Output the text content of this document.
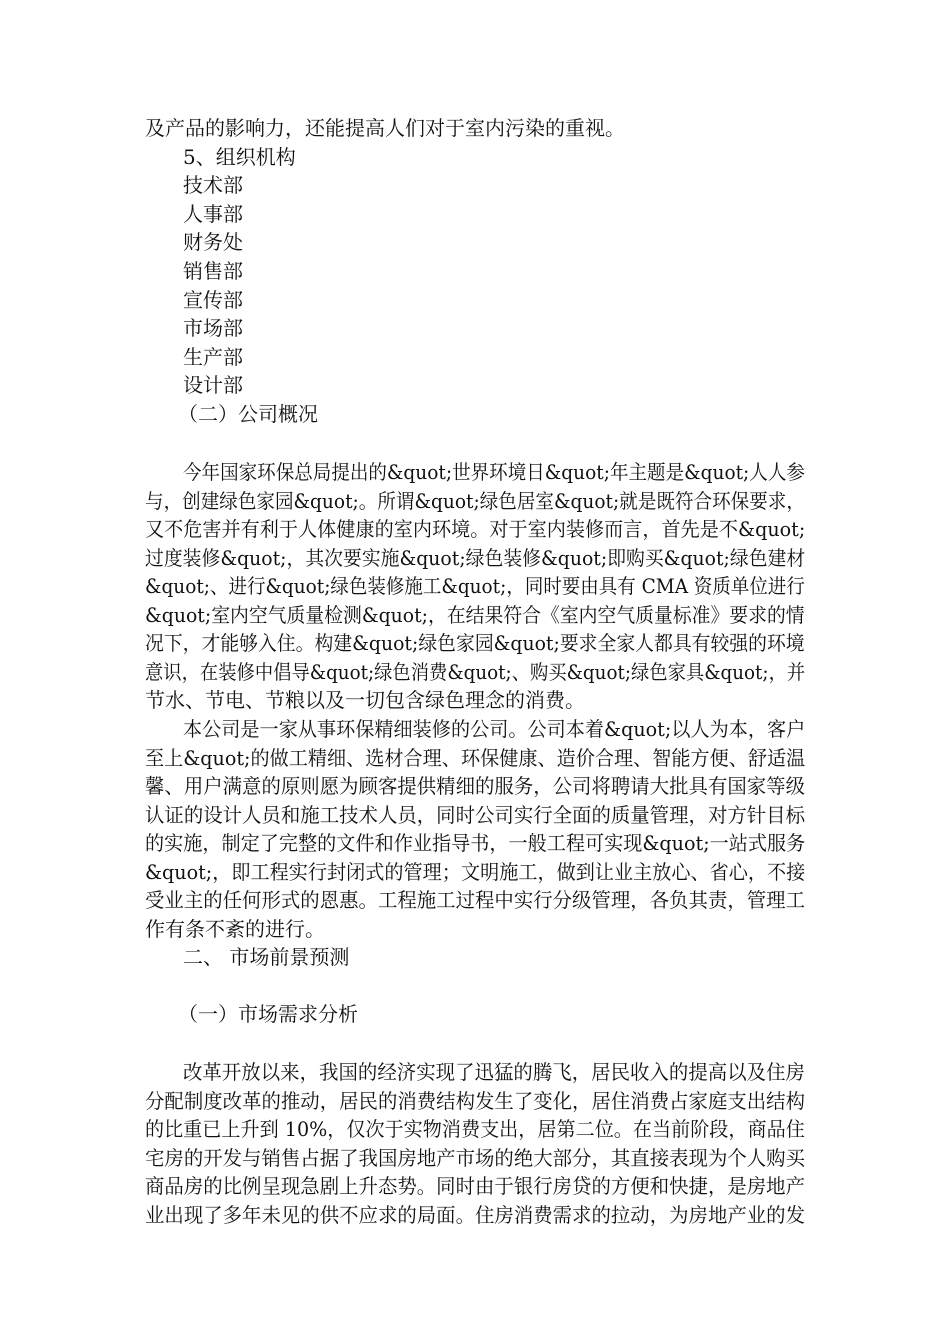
及产品的影响力，还能提高人们对于室内污染的重视。
5、组织机构
技术部
人事部
财务处
销售部
宣传部
市场部
生产部
设计部
（二）公司概况
今年国家环保总局提出的&quot;世界环境日&quot;年主题是&quot;人人参
与，创建绿色家园&quot;。所谓&quot;绿色居室&quot;就是既符合环保要求，
又不危害并有利于人体健康的室内环境。对于室内装修而言，首先是不&quot;
过度装修&quot;，其次要实施&quot;绿色装修&quot;即购买&quot;绿色建材
&quot;、进行&quot;绿色装修施工&quot;，同时要由具有 CMA 资质单位进行
&quot;室内空气质量检测&quot;，在结果符合《室内空气质量标准》要求的情
况下，才能够入住。构建&quot;绿色家园&quot;要求全家人都具有较强的环境
意识，在装修中倡导&quot;绿色消费&quot;、购买&quot;绿色家具&quot;，并
节水、节电、节粮以及一切包含绿色理念的消费。
本公司是一家从事环保精细装修的公司。公司本着&quot;以人为本，客户
至上&quot;的做工精细、选材合理、环保健康、造价合理、智能方便、舒适温
馨、用户满意的原则愿为顾客提供精细的服务，公司将聘请大批具有国家等级
认证的设计人员和施工技术人员，同时公司实行全面的质量管理，对方针目标
的实施，制定了完整的文件和作业指导书，一般工程可实现&quot;一站式服务
&quot;，即工程实行封闭式的管理；文明施工，做到让业主放心、省心，不接
受业主的任何形式的恩惠。工程施工过程中实行分级管理，各负其责，管理工
作有条不紊的进行。
二、 市场前景预测
（一）市场需求分析
改革开放以来，我国的经济实现了迅猛的腾飞，居民收入的提高以及住房
分配制度改革的推动，居民的消费结构发生了变化，居住消费占家庭支出结构
的比重已上升到 10%，仅次于实物消费支出，居第二位。在当前阶段，商品住
宅房的开发与销售占据了我国房地产市场的绝大部分，其直接表现为个人购买
商品房的比例呈现急剧上升态势。同时由于银行房贷的方便和快捷，是房地产
业出现了多年未见的供不应求的局面。住房消费需求的拉动，为房地产业的发
